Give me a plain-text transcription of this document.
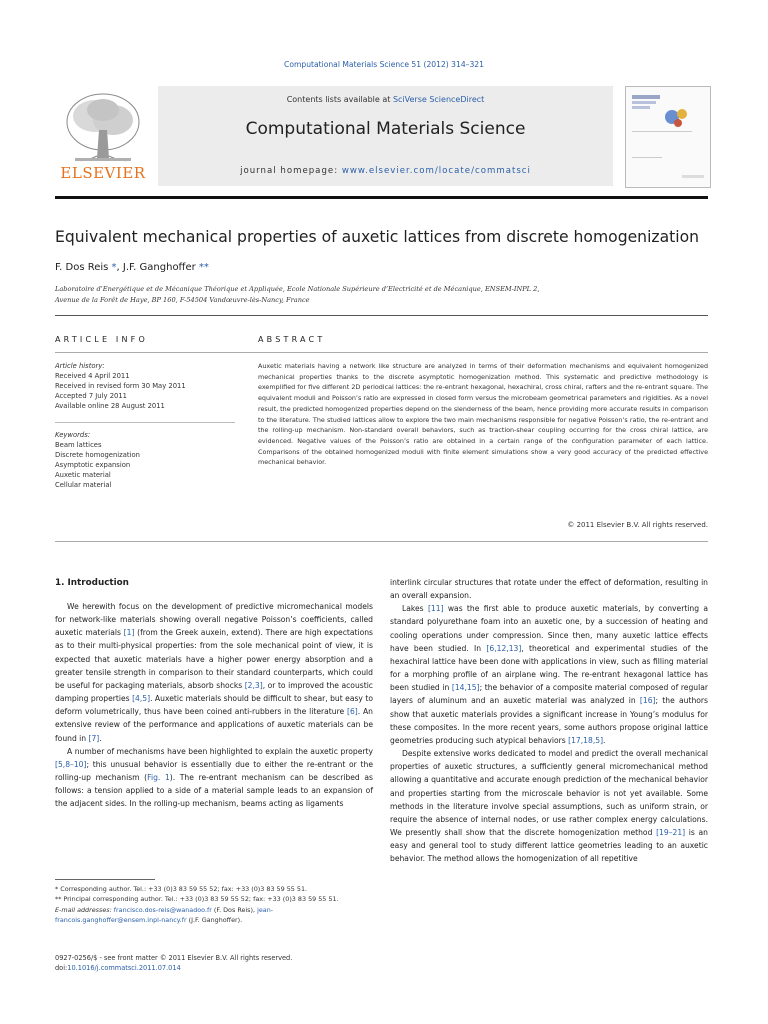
Computational Materials Science 51 (2012) 314–321
ELSEVIER
Contents lists available at SciVerse ScienceDirect
Computational Materials Science
journal homepage: www.elsevier.com/locate/commatsci
Equivalent mechanical properties of auxetic lattices from discrete homogenization
F. Dos Reis *, J.F. Ganghoffer **
Laboratoire d’Energétique et de Mécanique Théorique et Appliquée, Ecole Nationale Supérieure d’Electricité et de Mécanique, ENSEM-INPL 2,
Avenue de la Forêt de Haye, BP 160, F-54504 Vandœuvre-lès-Nancy, France
ARTICLE INFO	ABSTRACT
Article history:
Received 4 April 2011
Received in revised form 30 May 2011
Accepted 7 July 2011
Available online 28 August 2011
Keywords:
Beam lattices
Discrete homogenization
Asymptotic expansion
Auxetic material
Cellular material
Auxetic materials having a network like structure are analyzed in terms of their deformation mechanisms and equivalent homogenized mechanical properties thanks to the discrete asymptotic homogenization method. This systematic and predictive methodology is exemplified for five different 2D periodical lattices: the re-entrant hexagonal, hexachiral, cross chiral, rafters and the re-entrant square. The equivalent moduli and Poisson’s ratio are expressed in closed form versus the microbeam geometrical parameters and rigidities. As a novel result, the predicted homogenized properties depend on the slenderness of the beam, hence providing more accurate results in comparison to the literature. The studied lattices allow to explore the two main mechanisms responsible for negative Poisson’s ratio, the re-entrant and the rolling-up mechanism. Non-standard overall behaviors, such as traction-shear coupling occurring for the cross chiral lattice, are evidenced. Negative values of the Poisson’s ratio are obtained in a certain range of the configuration parameter of each lattice. Comparisons of the obtained homogenized moduli with finite element simulations show a very good accuracy of the predicted effective mechanical behavior.
© 2011 Elsevier B.V. All rights reserved.
1. Introduction

We herewith focus on the development of predictive micromechanical models for network-like materials showing overall negative Poisson’s coefficients, called auxetic materials [1] (from the Greek auxein, extend). There are high expectations as to their multi-physical properties: from the sole mechanical point of view, it is expected that auxetic materials have a higher power energy absorption and a greater tensile strength in comparison to their standard counterparts, which could be useful for packaging materials, absorb shocks [2,3], or to improved the acoustic damping properties [4,5]. Auxetic materials should be difficult to shear, but easy to deform volumetrically, thus have been coined anti-rubbers in the literature [6]. An extensive review of the performance and applications of auxetic materials can be found in [7].

A number of mechanisms have been highlighted to explain the auxetic property [5,8–10]; this unusual behavior is essentially due to either the re-entrant or the rolling-up mechanism (Fig. 1). The re-entrant mechanism can be described as follows: a tension applied to a side of a material sample leads to an expansion of the adjacent sides. In the rolling-up mechanism, beams acting as ligaments

* Corresponding author. Tel.: +33 (0)3 83 59 55 52; fax: +33 (0)3 83 59 55 51.
** Principal corresponding author. Tel.: +33 (0)3 83 59 55 52; fax: +33 (0)3 83 59 55 51.
E-mail addresses: francisco.dos-reis@wanadoo.fr (F. Dos Reis), jean-francois.ganghoffer@ensem.inpl-nancy.fr (J.F. Ganghoffer).
0927-0256/$ - see front matter © 2011 Elsevier B.V. All rights reserved.
doi:10.1016/j.commatsci.2011.07.014

interlink circular structures that rotate under the effect of deformation, resulting in an overall expansion.

Lakes [11] was the first able to produce auxetic materials, by converting a standard polyurethane foam into an auxetic one, by a succession of heating and cooling operations under compression. Since then, many auxetic lattice effects have been studied. In [6,12,13], theoretical and experimental studies of the hexachiral lattice have been done with applications in view, such as filling material for a morphing profile of an airplane wing. The re-entrant hexagonal lattice has been studied in [14,15]; the behavior of a composite material composed of regular layers of aluminum and an auxetic material was analyzed in [16]; the authors show that auxetic materials provides a significant increase in Young’s modulus for these composites. In the more recent years, some authors propose original lattice geometries producing such atypical behaviors [17,18,5].

Despite extensive works dedicated to model and predict the overall mechanical properties of auxetic structures, a sufficiently general micromechanical method allowing a quantitative and accurate enough prediction of the mechanical behavior and properties starting from the microscale behavior is not yet available. Some methods in the literature involve special assumptions, such as uniform strain, or require the absence of internal nodes, or use rather complex energy calculations. We presently shall show that the discrete homogenization method [19–21] is an easy and general tool to study different lattice geometries leading to an auxetic behavior. The method allows the homogenization of all repetitive
